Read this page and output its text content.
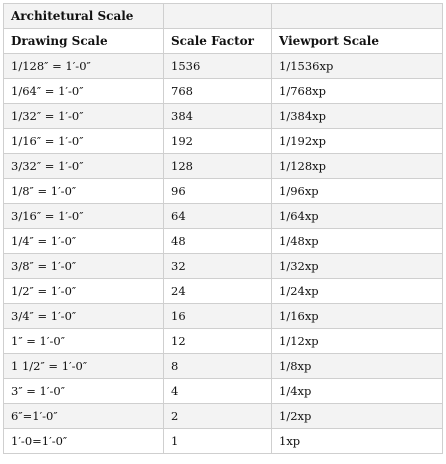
Architetural Scale		
Drawing Scale	Scale Factor	Viewport Scale
1/128″ = 1′-0″	1536	1/1536xp
1/64″ = 1′-0″	768	1/768xp
1/32″ = 1′-0″	384	1/384xp
1/16″ = 1′-0″	192	1/192xp
3/32″ = 1′-0″	128	1/128xp
1/8″ = 1′-0″	96	1/96xp
3/16″ = 1′-0″	64	1/64xp
1/4″ = 1′-0″	48	1/48xp
3/8″ = 1′-0″	32	1/32xp
1/2″ = 1′-0″	24	1/24xp
3/4″ = 1′-0″	16	1/16xp
1″ = 1′-0″	12	1/12xp
1 1/2″ = 1′-0″	8	1/8xp
3″ = 1′-0″	4	1/4xp
6″=1′-0″	2	1/2xp
1′-0=1′-0″	1	1xp
